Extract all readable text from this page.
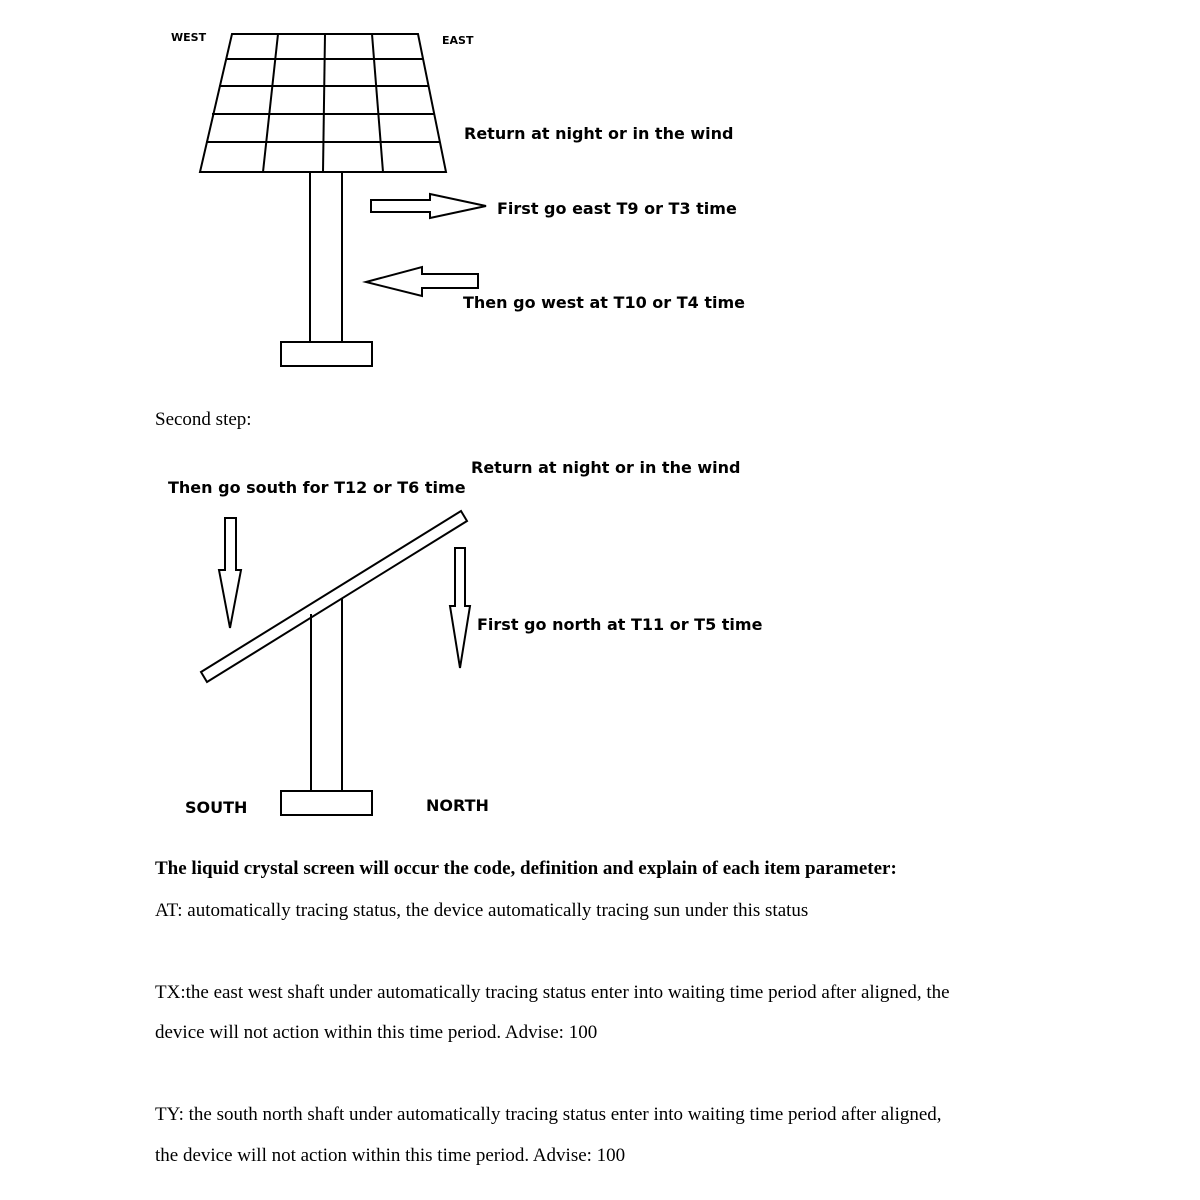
WEST	EAST
Return at night or in the wind
First go east T9 or T3 time
Then go west at T10 or T4 time
Second step:
Return at night or in the wind
Then go south for T12 or T6 time
First go north at T11 or T5 time
SOUTH	NORTH
The liquid crystal screen will occur the code, definition and explain of each item parameter:
AT: automatically tracing status, the device automatically tracing sun under this status
TX:the east west shaft under automatically tracing status enter into waiting time period after aligned, the
device will not action within this time period. Advise: 100
TY: the south north shaft under automatically tracing status enter into waiting time period after aligned,
the device will not action within this time period. Advise: 100
